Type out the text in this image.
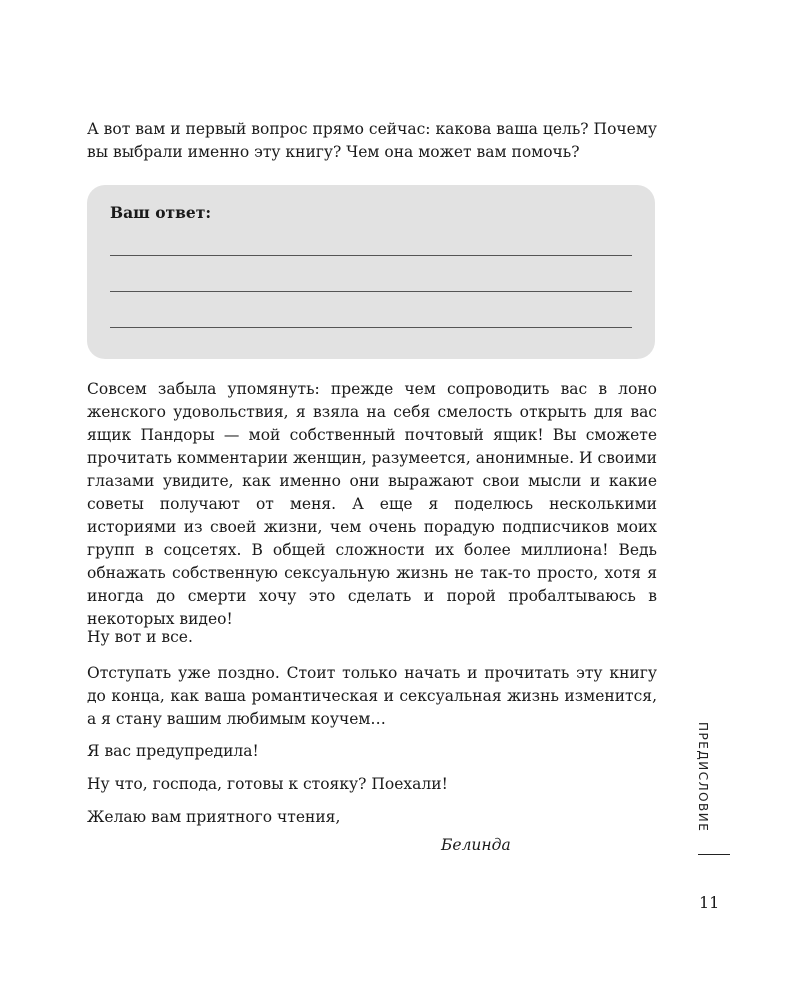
А вот вам и первый вопрос прямо сейчас: какова ваша цель? Почему вы выбрали именно эту книгу? Чем она может вам помочь?

Ваш ответ:

Совсем забыла упомянуть: прежде чем сопроводить вас в лоно женского удовольствия, я взяла на себя смелость открыть для вас ящик Пандоры — мой собственный почтовый ящик! Вы сможете прочитать комментарии женщин, разумеется, анонимные. И своими глазами увидите, как именно они выражают свои мысли и какие советы получают от меня. А еще я поделюсь несколькими историями из своей жизни, чем очень порадую подписчиков моих групп в соцсетях. В общей сложности их более миллиона! Ведь обнажать собственную сексуальную жизнь не так-то просто, хотя я иногда до смерти хочу это сделать и порой пробалтываюсь в некоторых видео!

Ну вот и все.

Отступать уже поздно. Стоит только начать и прочитать эту книгу до конца, как ваша романтическая и сексуальная жизнь изменится, а я стану вашим любимым коучем…

Я вас предупредила!

Ну что, господа, готовы к стояку? Поехали!

Желаю вам приятного чтения,

Белинда

ПРЕДИСЛОВИЕ

11
